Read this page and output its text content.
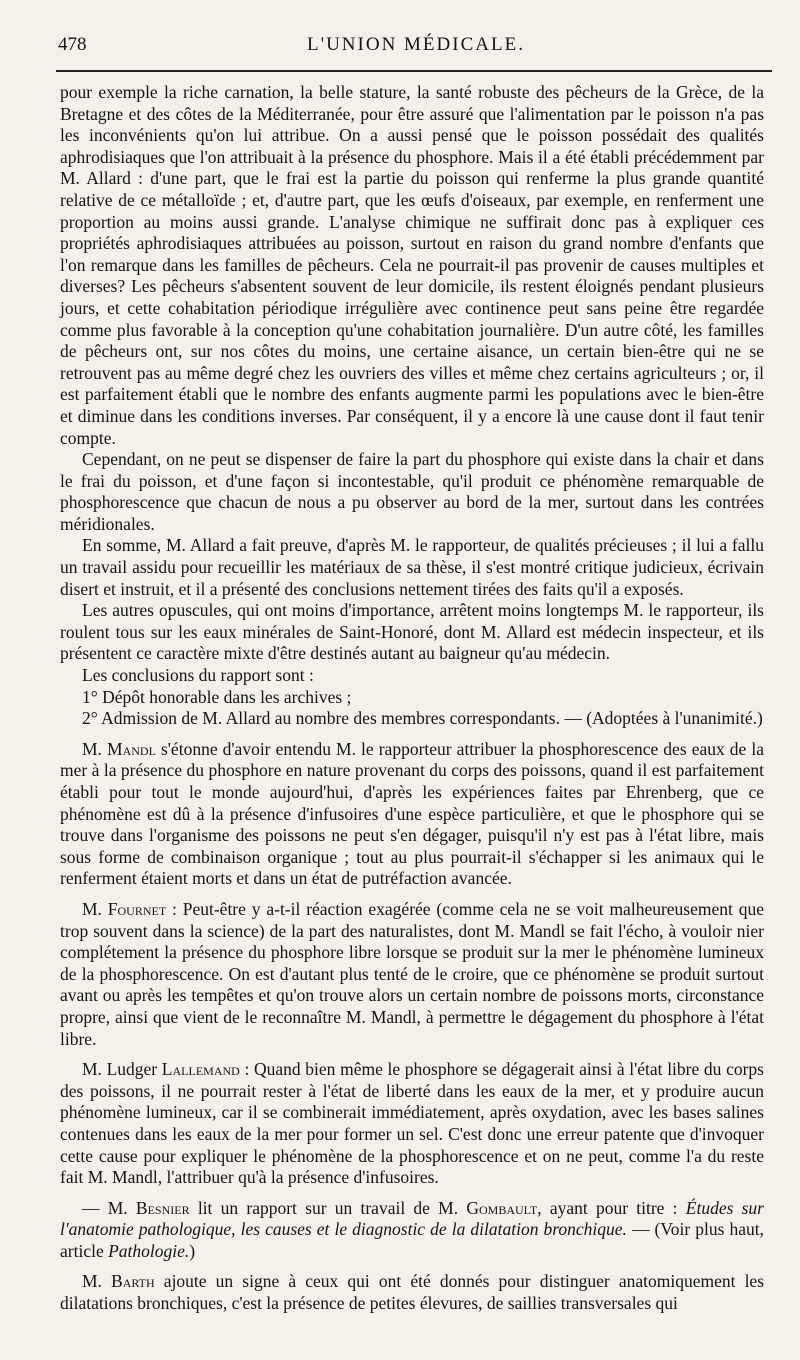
478	L'UNION MÉDICALE.

pour exemple la riche carnation, la belle stature, la santé robuste des pêcheurs de la Grèce, de la Bretagne et des côtes de la Méditerranée, pour être assuré que l'alimentation par le poisson n'a pas les inconvénients qu'on lui attribue. On a aussi pensé que le poisson possédait des qualités aphrodisiaques que l'on attribuait à la présence du phosphore. Mais il a été établi précédemment par M. Allard : d'une part, que le frai est la partie du poisson qui renferme la plus grande quantité relative de ce métalloïde ; et, d'autre part, que les œufs d'oiseaux, par exemple, en renferment une proportion au moins aussi grande. L'analyse chimique ne suffirait donc pas à expliquer ces propriétés aphrodisiaques attribuées au poisson, surtout en raison du grand nombre d'enfants que l'on remarque dans les familles de pêcheurs. Cela ne pourrait-il pas provenir de causes multiples et diverses? Les pêcheurs s'absentent souvent de leur domicile, ils restent éloignés pendant plusieurs jours, et cette cohabitation périodique irrégulière avec continence peut sans peine être regardée comme plus favorable à la conception qu'une cohabitation journalière. D'un autre côté, les familles de pêcheurs ont, sur nos côtes du moins, une certaine aisance, un certain bien-être qui ne se retrouvent pas au même degré chez les ouvriers des villes et même chez certains agriculteurs ; or, il est parfaitement établi que le nombre des enfants augmente parmi les populations avec le bien-être et diminue dans les conditions inverses. Par conséquent, il y a encore là une cause dont il faut tenir compte.

Cependant, on ne peut se dispenser de faire la part du phosphore qui existe dans la chair et dans le frai du poisson, et d'une façon si incontestable, qu'il produit ce phénomène remarquable de phosphorescence que chacun de nous a pu observer au bord de la mer, surtout dans les contrées méridionales.

En somme, M. Allard a fait preuve, d'après M. le rapporteur, de qualités précieuses ; il lui a fallu un travail assidu pour recueillir les matériaux de sa thèse, il s'est montré critique judicieux, écrivain disert et instruit, et il a présenté des conclusions nettement tirées des faits qu'il a exposés.

Les autres opuscules, qui ont moins d'importance, arrêtent moins longtemps M. le rapporteur, ils roulent tous sur les eaux minérales de Saint-Honoré, dont M. Allard est médecin inspecteur, et ils présentent ce caractère mixte d'être destinés autant au baigneur qu'au médecin.

Les conclusions du rapport sont :

1° Dépôt honorable dans les archives ;

2° Admission de M. Allard au nombre des membres correspondants. — (Adoptées à l'unanimité.)

M. Mandl s'étonne d'avoir entendu M. le rapporteur attribuer la phosphorescence des eaux de la mer à la présence du phosphore en nature provenant du corps des poissons, quand il est parfaitement établi pour tout le monde aujourd'hui, d'après les expériences faites par Ehrenberg, que ce phénomène est dû à la présence d'infusoires d'une espèce particulière, et que le phosphore qui se trouve dans l'organisme des poissons ne peut s'en dégager, puisqu'il n'y est pas à l'état libre, mais sous forme de combinaison organique ; tout au plus pourrait-il s'échapper si les animaux qui le renferment étaient morts et dans un état de putréfaction avancée.

M. Fournet : Peut-être y a-t-il réaction exagérée (comme cela ne se voit malheureusement que trop souvent dans la science) de la part des naturalistes, dont M. Mandl se fait l'écho, à vouloir nier complétement la présence du phosphore libre lorsque se produit sur la mer le phénomène lumineux de la phosphorescence. On est d'autant plus tenté de le croire, que ce phénomène se produit surtout avant ou après les tempêtes et qu'on trouve alors un certain nombre de poissons morts, circonstance propre, ainsi que vient de le reconnaître M. Mandl, à permettre le dégagement du phosphore à l'état libre.

M. Ludger Lallemand : Quand bien même le phosphore se dégagerait ainsi à l'état libre du corps des poissons, il ne pourrait rester à l'état de liberté dans les eaux de la mer, et y produire aucun phénomène lumineux, car il se combinerait immédiatement, après oxydation, avec les bases salines contenues dans les eaux de la mer pour former un sel. C'est donc une erreur patente que d'invoquer cette cause pour expliquer le phénomène de la phosphorescence et on ne peut, comme l'a du reste fait M. Mandl, l'attribuer qu'à la présence d'infusoires.

— M. Besnier lit un rapport sur un travail de M. Gombault, ayant pour titre : Études sur l'anatomie pathologique, les causes et le diagnostic de la dilatation bronchique. — (Voir plus haut, article Pathologie.)

M. Barth ajoute un signe à ceux qui ont été donnés pour distinguer anatomiquement les dilatations bronchiques, c'est la présence de petites élevures, de saillies transversales qui
